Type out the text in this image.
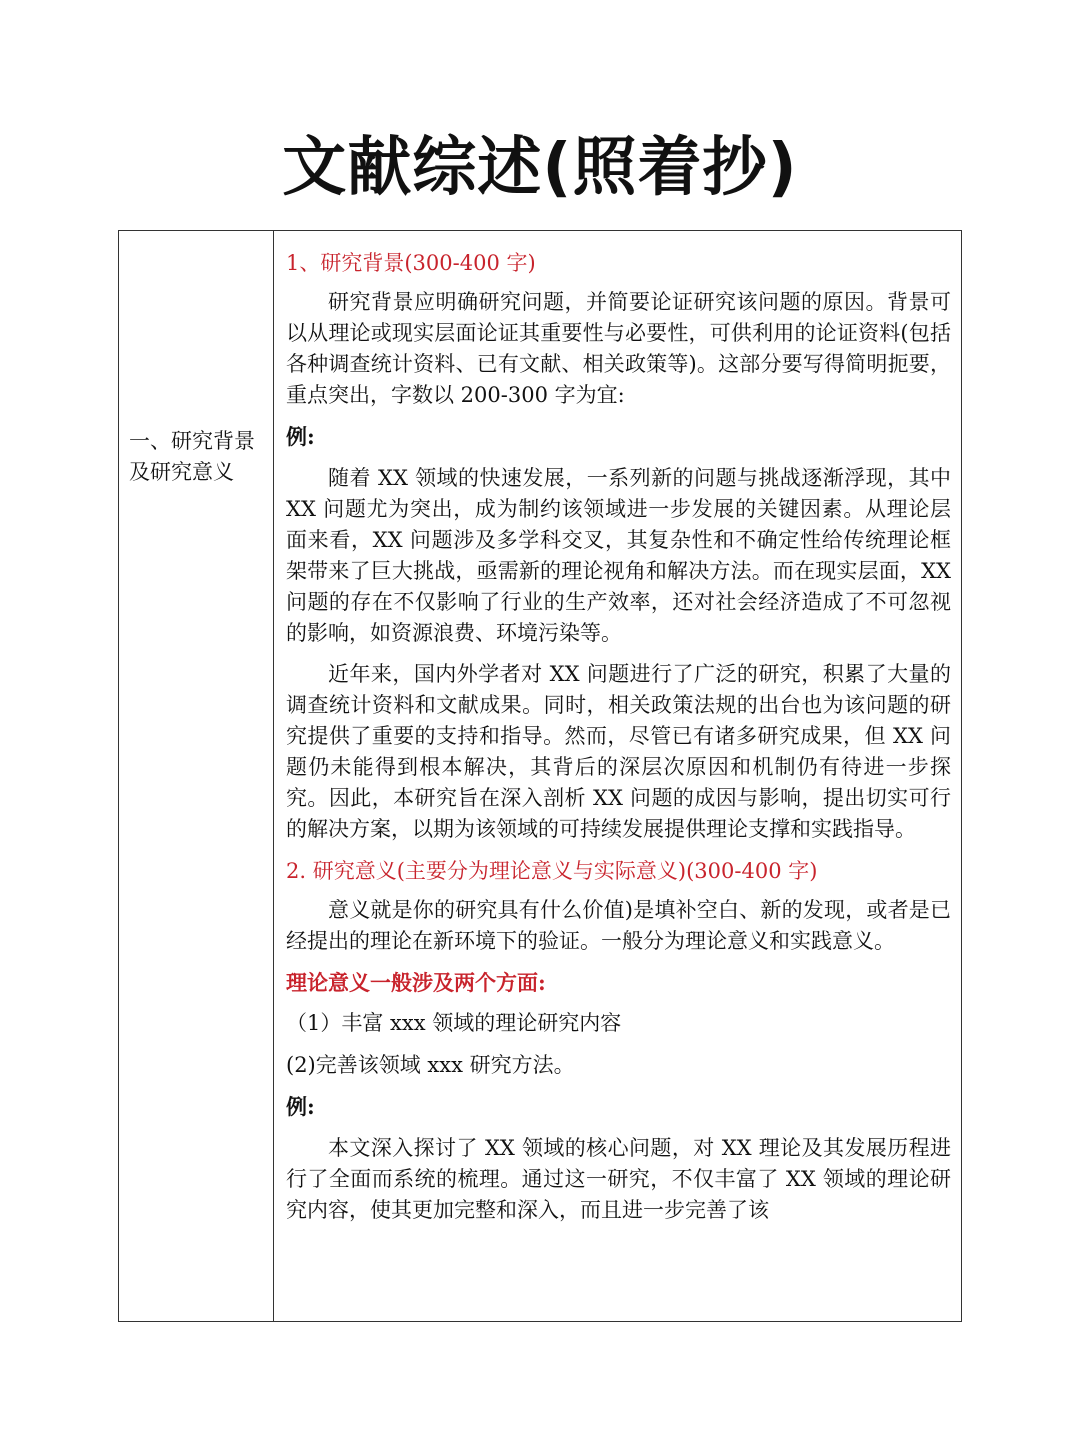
文献综述(照着抄)
一、研究背景及研究意义
1、研究背景(300-400 字)

研究背景应明确研究问题，并简要论证研究该问题的原因。背景可以从理论或现实层面论证其重要性与必要性，可供利用的论证资料(包括各种调查统计资料、已有文献、相关政策等)。这部分要写得简明扼要，重点突出，字数以 200-300 字为宜:

例:

随着 XX 领域的快速发展，一系列新的问题与挑战逐渐浮现，其中 XX 问题尤为突出，成为制约该领域进一步发展的关键因素。从理论层面来看，XX 问题涉及多学科交叉，其复杂性和不确定性给传统理论框架带来了巨大挑战，亟需新的理论视角和解决方法。而在现实层面，XX 问题的存在不仅影响了行业的生产效率，还对社会经济造成了不可忽视的影响，如资源浪费、环境污染等。

近年来，国内外学者对 XX 问题进行了广泛的研究，积累了大量的调查统计资料和文献成果。同时，相关政策法规的出台也为该问题的研究提供了重要的支持和指导。然而，尽管已有诸多研究成果，但 XX 问题仍未能得到根本解决，其背后的深层次原因和机制仍有待进一步探究。因此，本研究旨在深入剖析 XX 问题的成因与影响，提出切实可行的解决方案，以期为该领域的可持续发展提供理论支撑和实践指导。

2. 研究意义(主要分为理论意义与实际意义)(300-400 字)

意义就是你的研究具有什么价值)是填补空白、新的发现，或者是已经提出的理论在新环境下的验证。一般分为理论意义和实践意义。

理论意义一般涉及两个方面:
（1）丰富 xxx 领域的理论研究内容
(2)完善该领域 xxx 研究方法。
例:

本文深入探讨了 XX 领域的核心问题，对 XX 理论及其发展历程进行了全面而系统的梳理。通过这一研究，不仅丰富了 XX 领域的理论研究内容，使其更加完整和深入，而且进一步完善了该
